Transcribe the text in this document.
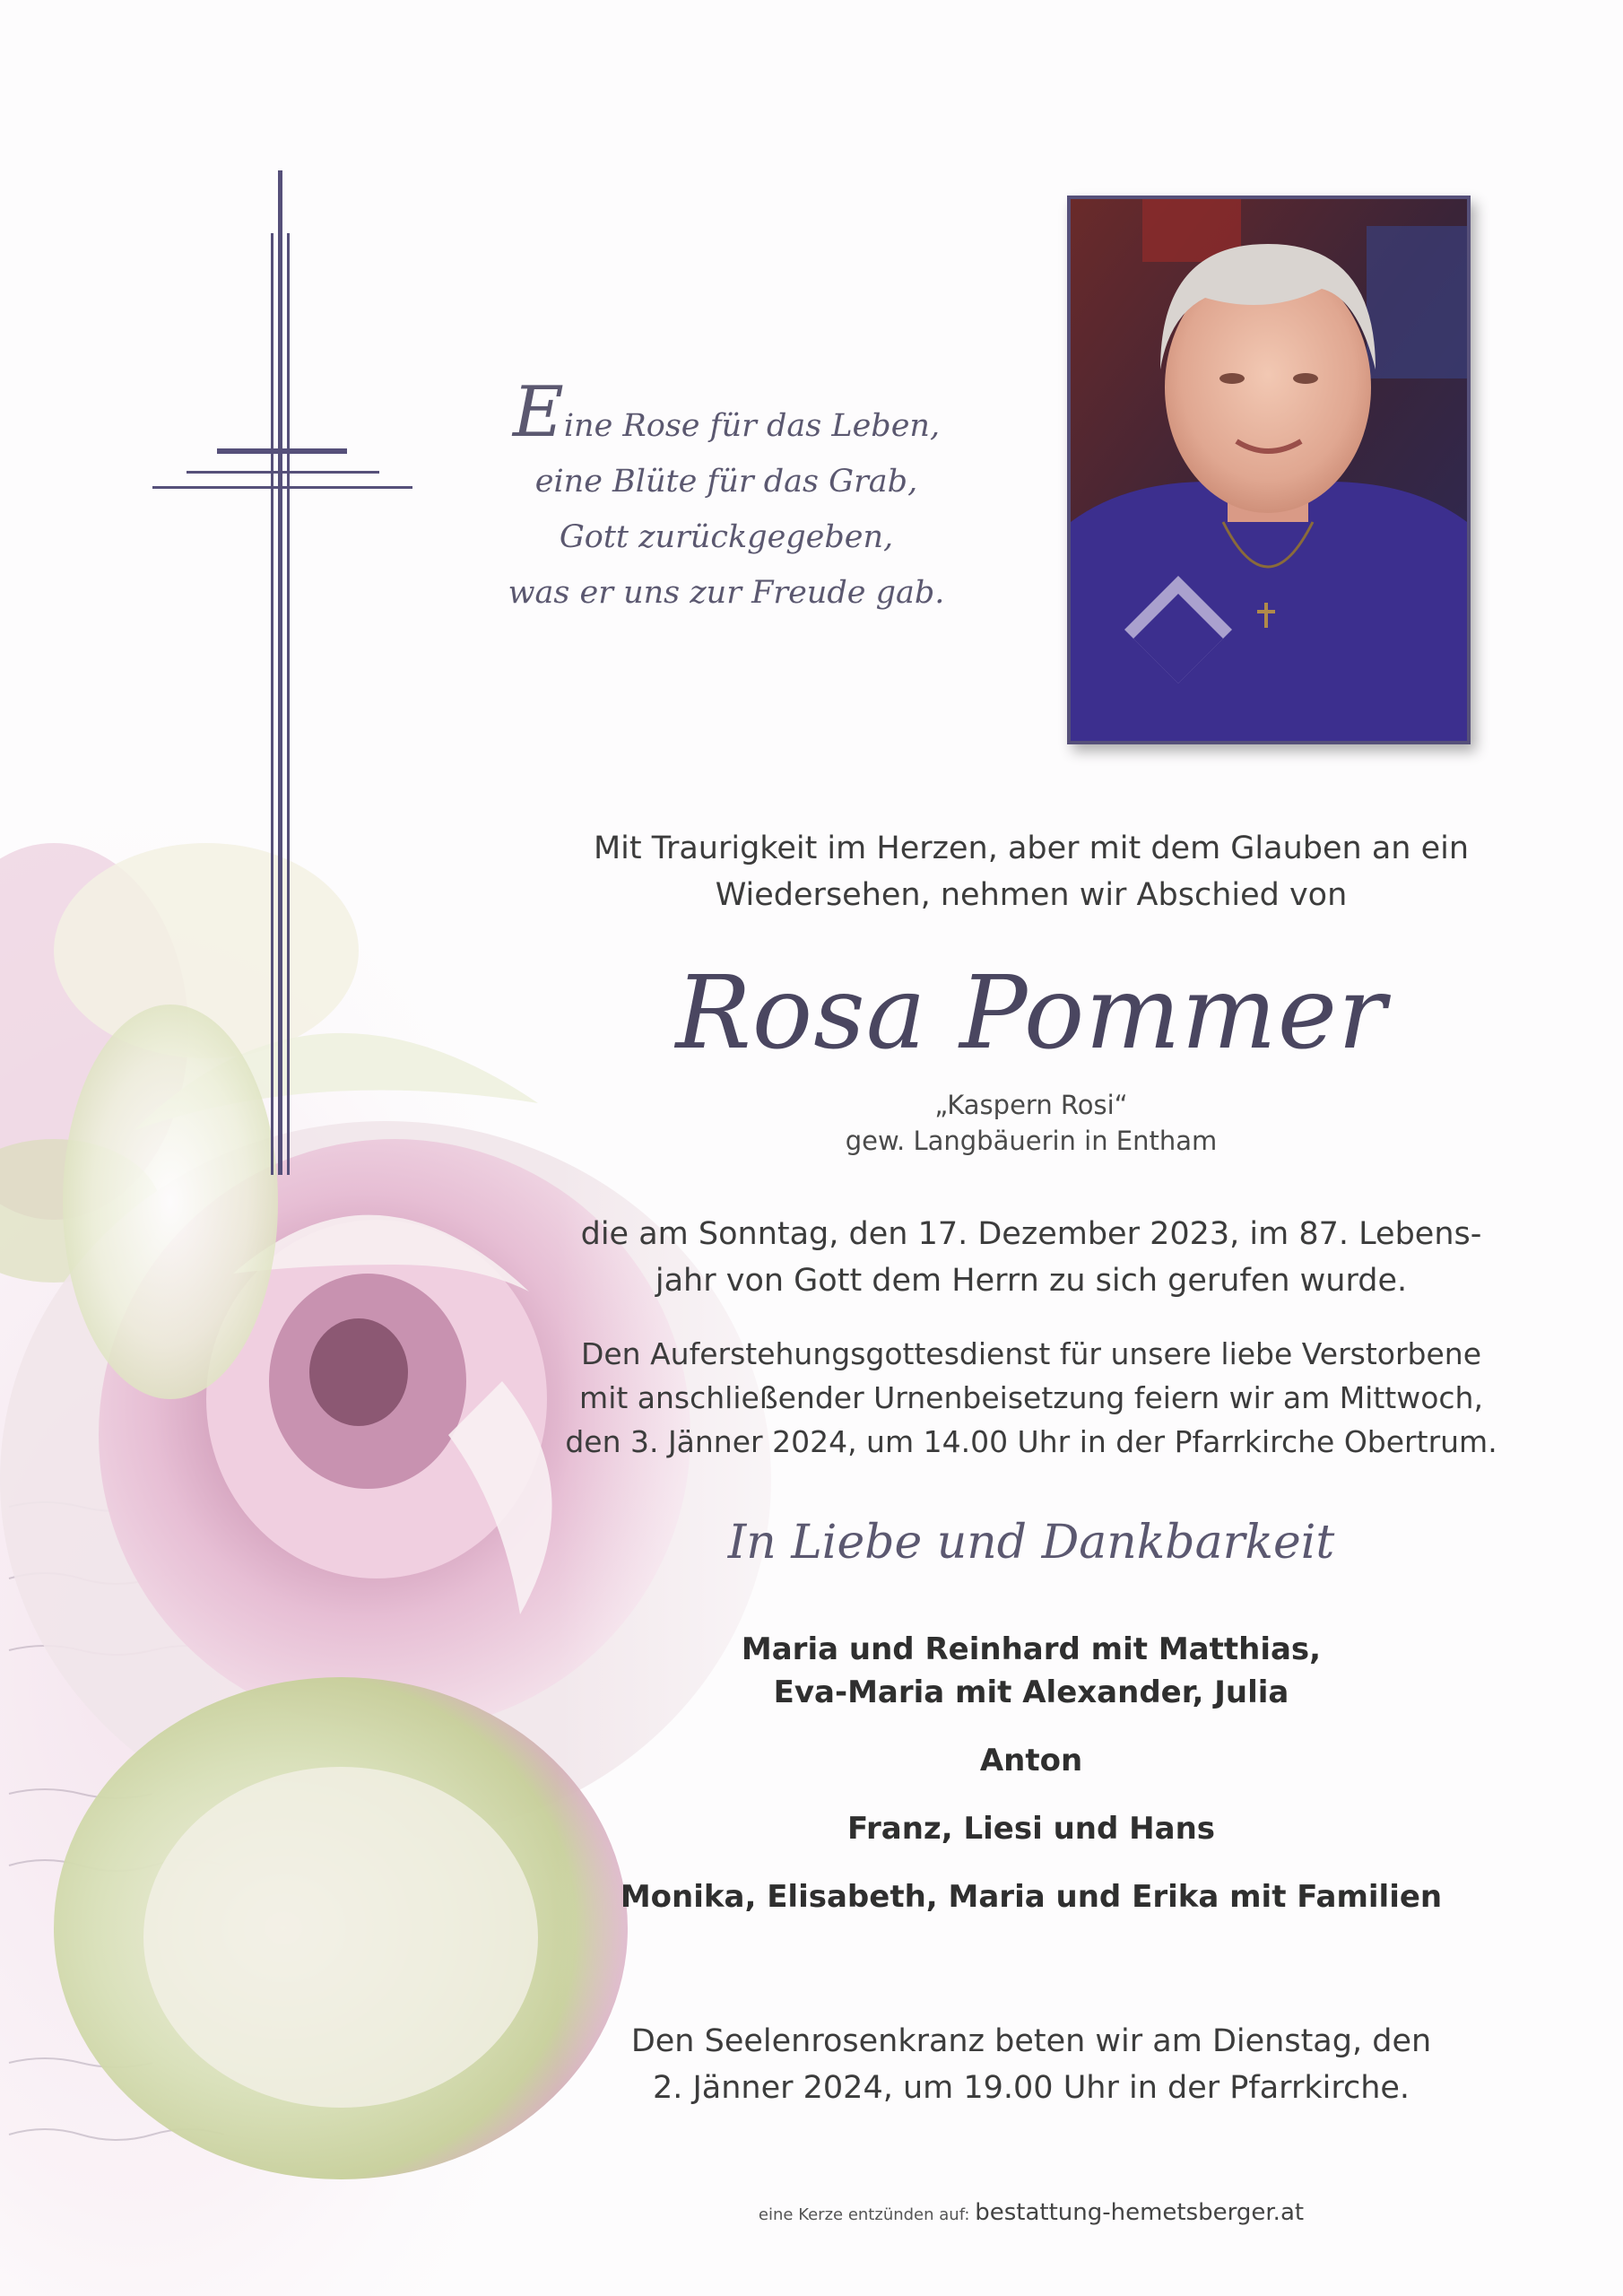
Eine Rose für das Leben,
eine Blüte für das Grab,
Gott zurückgegeben,
was er uns zur Freude gab.
Mit Traurigkeit im Herzen, aber mit dem Glauben an ein
Wiedersehen, nehmen wir Abschied von
Rosa Pommer
„Kaspern Rosi“
gew. Langbäuerin in Entham
die am Sonntag, den 17. Dezember 2023, im 87. Lebens-
jahr von Gott dem Herrn zu sich gerufen wurde.
Den Auferstehungsgottesdienst für unsere liebe Verstorbene
mit anschließender Urnenbeisetzung feiern wir am Mittwoch,
den 3. Jänner 2024, um 14.00 Uhr in der Pfarrkirche Obertrum.
In Liebe und Dankbarkeit
Maria und Reinhard mit Matthias,
Eva-Maria mit Alexander, Julia
Anton
Franz, Liesi und Hans
Monika, Elisabeth, Maria und Erika mit Familien
Den Seelenrosenkranz beten wir am Dienstag, den
2. Jänner 2024, um 19.00 Uhr in der Pfarrkirche.
eine Kerze entzünden auf: bestattung-hemetsberger.at
